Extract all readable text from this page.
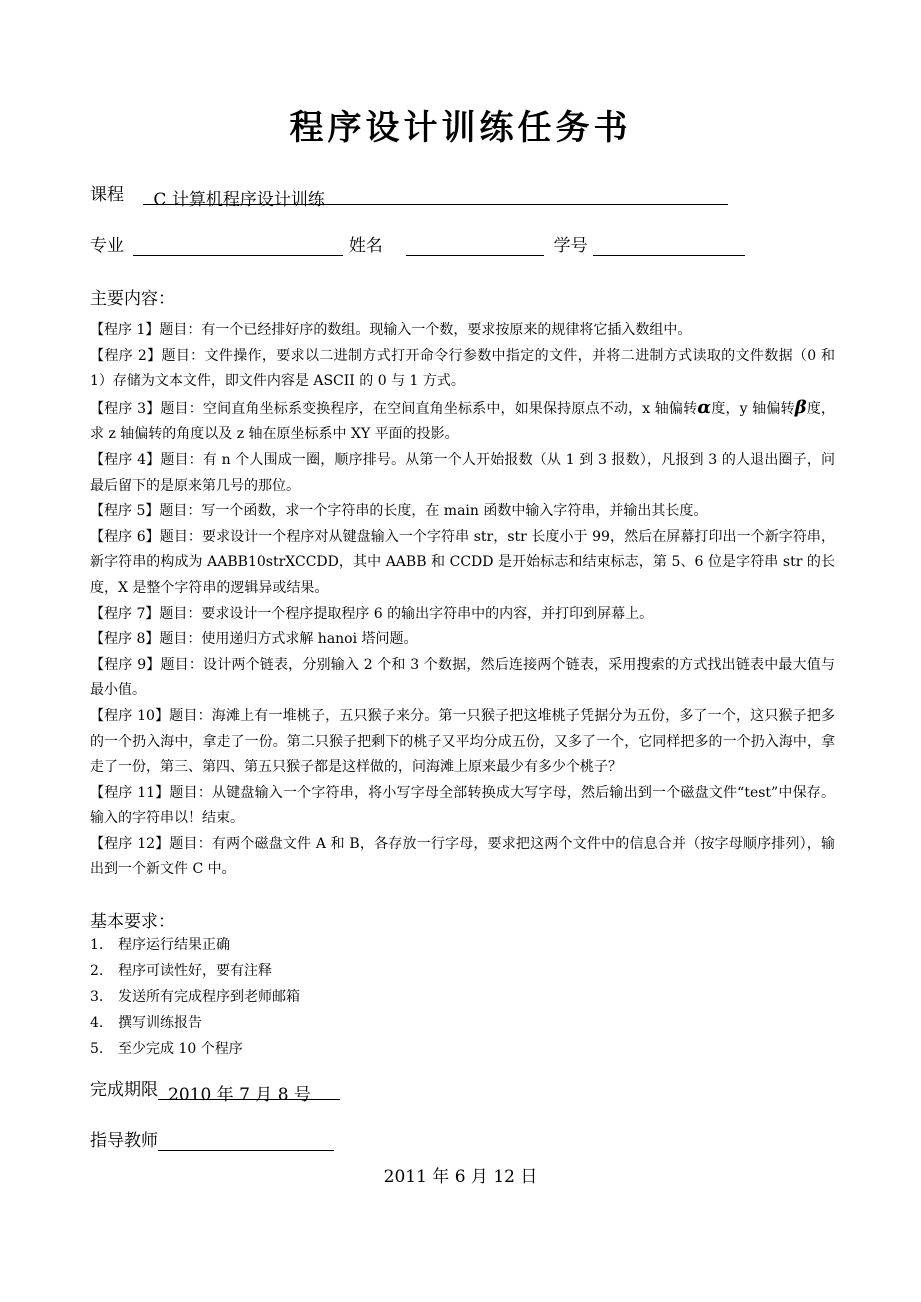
程序设计训练任务书
课程 C 计算机程序设计训练
专业	姓名	学号
主要内容：

【程序 1】题目：有一个已经排好序的数组。现输入一个数，要求按原来的规律将它插入数组中。

【程序 2】题目：文件操作，要求以二进制方式打开命令行参数中指定的文件，并将二进制方式读取的文件数据（0 和 1）存储为文本文件，即文件内容是 ASCII 的 0 与 1 方式。

【程序 3】题目：空间直角坐标系变换程序，在空间直角坐标系中，如果保持原点不动，x 轴偏转α度，y 轴偏转β度，求 z 轴偏转的角度以及 z 轴在原坐标系中 XY 平面的投影。

【程序 4】题目：有 n 个人围成一圈，顺序排号。从第一个人开始报数（从 1 到 3 报数），凡报到 3 的人退出圈子，问最后留下的是原来第几号的那位。

【程序 5】题目：写一个函数，求一个字符串的长度，在 main 函数中输入字符串，并输出其长度。

【程序 6】题目：要求设计一个程序对从键盘输入一个字符串 str，str 长度小于 99，然后在屏幕打印出一个新字符串，新字符串的构成为 AABB10strXCCDD，其中 AABB 和 CCDD 是开始标志和结束标志，第 5、6 位是字符串 str 的长度，X 是整个字符串的逻辑异或结果。

【程序 7】题目：要求设计一个程序提取程序 6 的输出字符串中的内容，并打印到屏幕上。

【程序 8】题目：使用递归方式求解 hanoi 塔问题。

【程序 9】题目：设计两个链表，分别输入 2 个和 3 个数据，然后连接两个链表，采用搜索的方式找出链表中最大值与最小值。

【程序 10】题目：海滩上有一堆桃子，五只猴子来分。第一只猴子把这堆桃子凭据分为五份，多了一个，这只猴子把多的一个扔入海中，拿走了一份。第二只猴子把剩下的桃子又平均分成五份，又多了一个，它同样把多的一个扔入海中，拿走了一份，第三、第四、第五只猴子都是这样做的，问海滩上原来最少有多少个桃子？

【程序 11】题目：从键盘输入一个字符串，将小写字母全部转换成大写字母，然后输出到一个磁盘文件“test”中保存。输入的字符串以！结束。

【程序 12】题目：有两个磁盘文件 A 和 B，各存放一行字母，要求把这两个文件中的信息合并（按字母顺序排列），输出到一个新文件 C 中。

基本要求：
1. 程序运行结果正确
2. 程序可读性好，要有注释
3. 发送所有完成程序到老师邮箱
4. 撰写训练报告
5. 至少完成 10 个程序
完成期限 2010 年 7 月 8 号
指导教师
2011 年 6 月 12 日
